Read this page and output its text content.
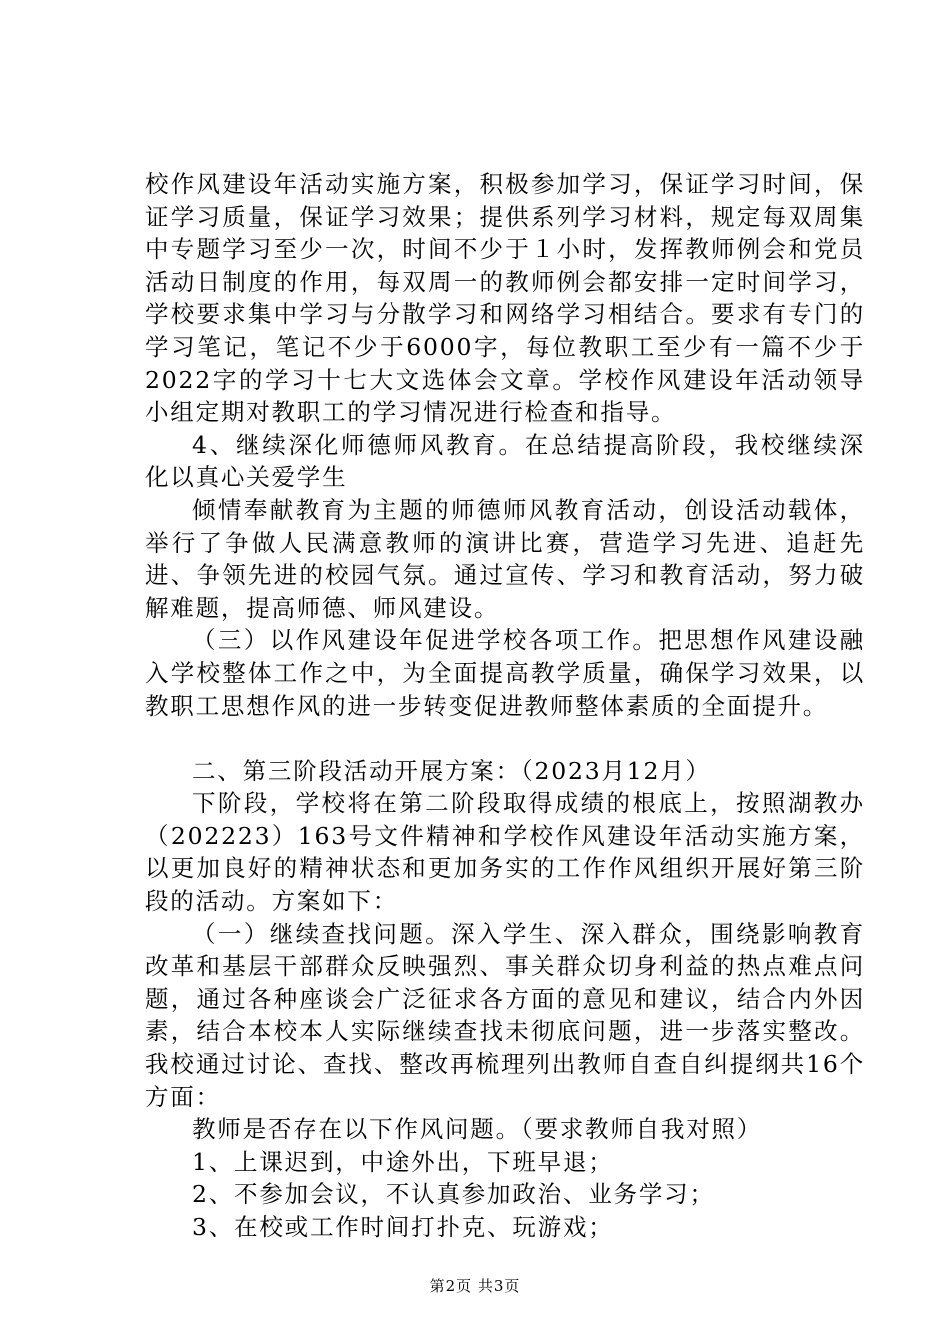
校作风建设年活动实施方案，积极参加学习，保证学习时间，保证学习质量，保证学习效果；提供系列学习材料，规定每双周集中专题学习至少一次，时间不少于１小时，发挥教师例会和党员活动日制度的作用，每双周一的教师例会都安排一定时间学习，学校要求集中学习与分散学习和网络学习相结合。要求有专门的学习笔记，笔记不少于6000字，每位教职工至少有一篇不少于2022字的学习十七大文选体会文章。学校作风建设年活动领导小组定期对教职工的学习情况进行检查和指导。

4、继续深化师德师风教育。在总结提高阶段，我校继续深化以真心关爱学生

倾情奉献教育为主题的师德师风教育活动，创设活动载体，举行了争做人民满意教师的演讲比赛，营造学习先进、追赶先进、争领先进的校园气氛。通过宣传、学习和教育活动，努力破解难题，提高师德、师风建设。

（三）以作风建设年促进学校各项工作。把思想作风建设融入学校整体工作之中，为全面提高教学质量，确保学习效果，以教职工思想作风的进一步转变促进教师整体素质的全面提升。

二、第三阶段活动开展方案：（2023月12月）

下阶段，学校将在第二阶段取得成绩的根底上，按照湖教办（202223）163号文件精神和学校作风建设年活动实施方案，以更加良好的精神状态和更加务实的工作作风组织开展好第三阶段的活动。方案如下：

（一）继续查找问题。深入学生、深入群众，围绕影响教育改革和基层干部群众反映强烈、事关群众切身利益的热点难点问题，通过各种座谈会广泛征求各方面的意见和建议，结合内外因素，结合本校本人实际继续查找未彻底问题，进一步落实整改。我校通过讨论、查找、整改再梳理列出教师自查自纠提纲共16个方面：

教师是否存在以下作风问题。（要求教师自我对照）

1、上课迟到，中途外出，下班早退；

2、不参加会议，不认真参加政治、业务学习；

3、在校或工作时间打扑克、玩游戏；

第2页 共3页
